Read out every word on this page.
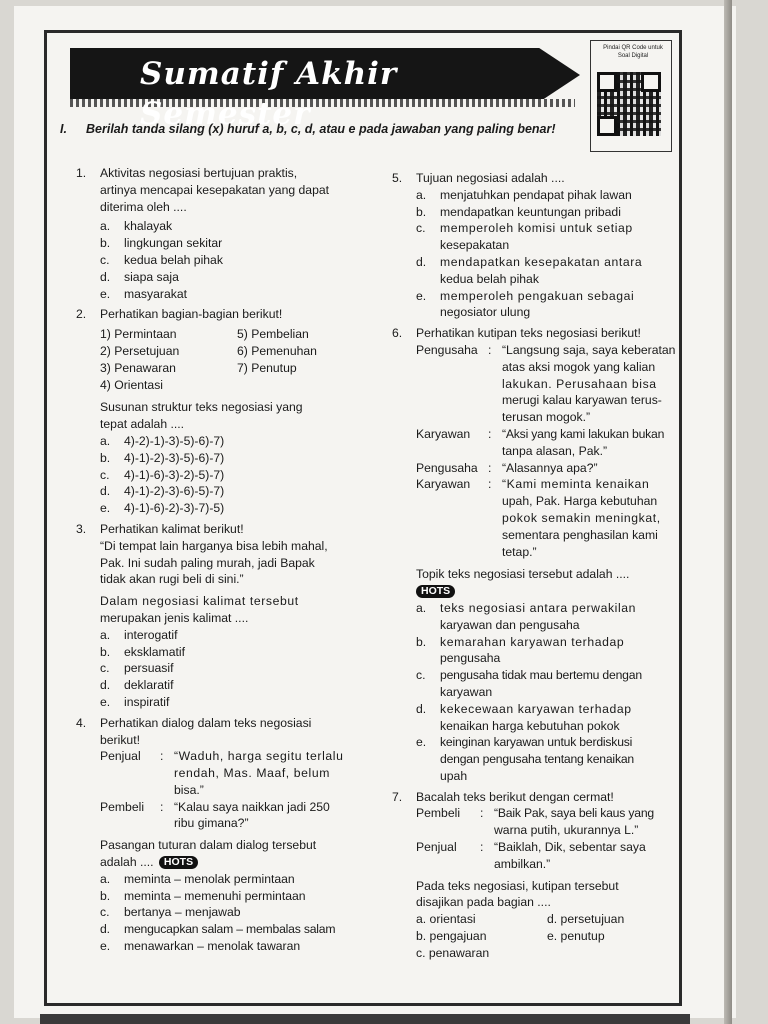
Sumatif Akhir Semester
Pindai QR Code untuk Soal Digital
I.	Berilah tanda silang (x) huruf a, b, c, d, atau e pada jawaban yang paling benar!
1. Aktivitas negosiasi bertujuan praktis,
artinya mencapai kesepakatan yang dapat
diterima oleh ....
a. khalayak
b. lingkungan sekitar
c. kedua belah pihak
d. siapa saja
e. masyarakat
2. Perhatikan bagian-bagian berikut!
1) Permintaan	5) Pembelian
2) Persetujuan	6) Pemenuhan
3) Penawaran	7) Penutup
4) Orientasi
Susunan struktur teks negosiasi yang
tepat adalah ....
a. 4)-2)-1)-3)-5)-6)-7)
b. 4)-1)-2)-3)-5)-6)-7)
c. 4)-1)-6)-3)-2)-5)-7)
d. 4)-1)-2)-3)-6)-5)-7)
e. 4)-1)-6)-2)-3)-7)-5)
3. Perhatikan kalimat berikut!
“Di tempat lain harganya bisa lebih mahal,
Pak. Ini sudah paling murah, jadi Bapak
tidak akan rugi beli di sini.”
Dalam negosiasi kalimat tersebut
merupakan jenis kalimat ....
a. interogatif
b. eksklamatif
c. persuasif
d. deklaratif
e. inspiratif
4. Perhatikan dialog dalam teks negosiasi
berikut!
Penjual	: “Waduh, harga segitu terlalu
rendah, Mas. Maaf, belum
bisa.”
Pembeli	: “Kalau saya naikkan jadi 250
ribu gimana?”
Pasangan tuturan dalam dialog tersebut
adalah .... HOTS
a. meminta – menolak permintaan
b. meminta – memenuhi permintaan
c. bertanya – menjawab
d. mengucapkan salam – membalas salam
e. menawarkan – menolak tawaran
5. Tujuan negosiasi adalah ....
a. menjatuhkan pendapat pihak lawan
b. mendapatkan keuntungan pribadi
c. memperoleh komisi untuk setiap
kesepakatan
d. mendapatkan kesepakatan antara
kedua belah pihak
e. memperoleh pengakuan sebagai
negosiator ulung
6. Perhatikan kutipan teks negosiasi berikut!
Pengusaha : “Langsung saja, saya keberatan
atas aksi mogok yang kalian
lakukan. Perusahaan bisa
merugi kalau karyawan terus-
terusan mogok.”
Karyawan	: “Aksi yang kami lakukan bukan
tanpa alasan, Pak.”
Pengusaha : “Alasannya apa?”
Karyawan	: “Kami meminta kenaikan
upah, Pak. Harga kebutuhan
pokok semakin meningkat,
sementara penghasilan kami
tetap.”
Topik teks negosiasi tersebut adalah ....
HOTS
a. teks negosiasi antara perwakilan
karyawan dan pengusaha
b. kemarahan karyawan terhadap
pengusaha
c. pengusaha tidak mau bertemu dengan
karyawan
d. kekecewaan karyawan terhadap
kenaikan harga kebutuhan pokok
e. keinginan karyawan untuk berdiskusi
dengan pengusaha tentang kenaikan
upah
7. Bacalah teks berikut dengan cermat!
Pembeli	: “Baik Pak, saya beli kaus yang
warna putih, ukurannya L.”
Penjual	: “Baiklah, Dik, sebentar saya
ambilkan.”
Pada teks negosiasi, kutipan tersebut
disajikan pada bagian ....
a. orientasi	d. persetujuan
b. pengajuan	e. penutup
c. penawaran
